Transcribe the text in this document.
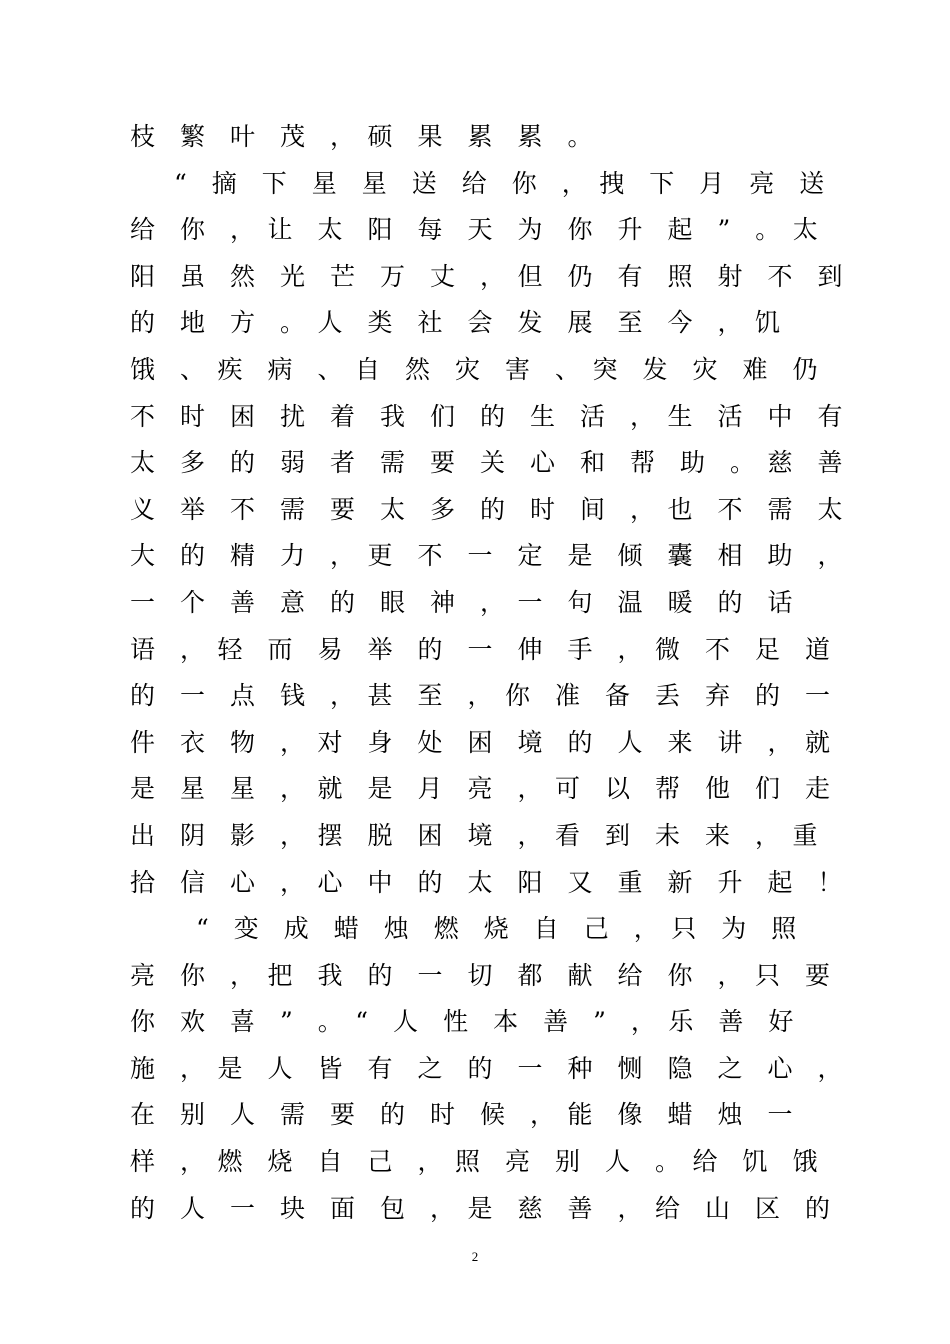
枝　繁　叶　茂　，　硕　果　累　累　。
“　摘　下　星　星　送　给　你　，　拽　下　月　亮　送
给　你　，　让　太　阳　每　天　为　你　升　起　”　。　太
阳　虽　然　光　芒　万　丈　，　但　仍　有　照　射　不　到
的　地　方　。　人　类　社　会　发　展　至　今　，　饥
饿　、　疾　病　、　自　然　灾　害　、　突　发　灾　难　仍
不　时　困　扰　着　我　们　的　生　活　，　生　活　中　有
太　多　的　弱　者　需　要　关　心　和　帮　助　。　慈　善
义　举　不　需　要　太　多　的　时　间　，　也　不　需　太
大　的　精　力　，　更　不　一　定　是　倾　囊　相　助　，
一　个　善　意　的　眼　神　，　一　句　温　暖　的　话
语　，　轻　而　易　举　的　一　伸　手　，　微　不　足　道
的　一　点　钱　，　甚　至　，　你　准　备　丢　弃　的　一
件　衣　物　，　对　身　处　困　境　的　人　来　讲　，　就
是　星　星　，　就　是　月　亮　，　可　以　帮　他　们　走
出　阴　影　，　摆　脱　困　境　，　看　到　未　来　，　重
拾　信　心　，　心　中　的　太　阳　又　重　新　升　起　！
“　变　成　蜡　烛　燃　烧　自　己　，　只　为　照
亮　你　，　把　我　的　一　切　都　献　给　你　，　只　要
你　欢　喜　”　。　“　人　性　本　善　”　，　乐　善　好
施　，　是　人　皆　有　之　的　一　种　恻　隐　之　心　，
在　别　人　需　要　的　时　候　，　能　像　蜡　烛　一
样　，　燃　烧　自　己　，　照　亮　别　人　。　给　饥　饿
的　人　一　块　面　包　，　是　慈　善　，　给　山　区　的
2
